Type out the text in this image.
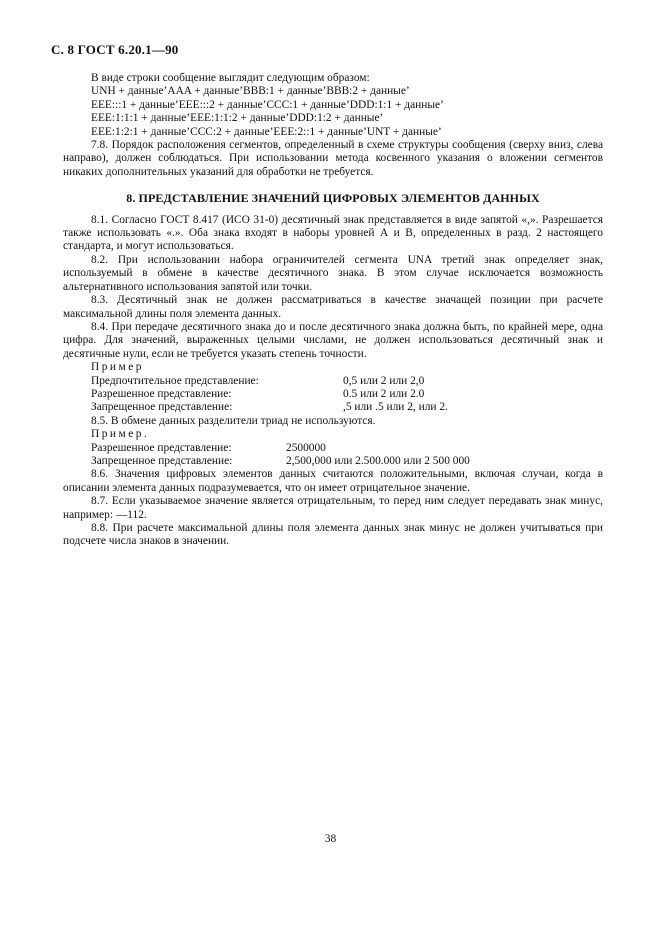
С. 8 ГОСТ 6.20.1—90

В виде строки сообщение выглядит следующим образом:

UNH + данные’AAA + данные’BBB:1 + данные’BBB:2 + данные’

EEE:::1 + данные’EEE:::2 + данные’CCC:1 + данные’DDD:1:1 + данные’

EEE:1:1:1 + данные’EEE:1:1:2 + данные’DDD:1:2 + данные’

EEE:1:2:1 + данные’CCC:2 + данные’EEE:2::1 + данные’UNT + данные’

7.8. Порядок расположения сегментов, определенный в схеме структуры сообщения (сверху вниз, слева направо), должен соблюдаться. При использовании метода косвенного указания о вложении сегментов никаких дополнительных указаний для обработки не требуется.

8. ПРЕДСТАВЛЕНИЕ ЗНАЧЕНИЙ ЦИФРОВЫХ ЭЛЕМЕНТОВ ДАННЫХ

8.1. Согласно ГОСТ 8.417 (ИСО 31-0) десятичный знак представляется в виде запятой «,». Разрешается также использовать «.». Оба знака входят в наборы уровней А и В, определенных в разд. 2 настоящего стандарта, и могут использоваться.

8.2. При использовании набора ограничителей сегмента UNA третий знак определяет знак, используемый в обмене в качестве десятичного знака. В этом случае исключается возможность альтернативного использования запятой или точки.

8.3. Десятичный знак не должен рассматриваться в качестве значащей позиции при расчете максимальной длины поля элемента данных.

8.4. При передаче десятичного знака до и после десятичного знака должна быть, по крайней мере, одна цифра. Для значений, выраженных целыми числами, не должен использоваться десятичный знак и десятичные нули, если не требуется указать степень точности.

Пример

Предпочтительное представление:	0,5 или 2 или 2,0
Разрешенное представление:	0.5 или 2 или 2.0
Запрещенное представление:	,5 или .5 или 2, или 2.

8.5. В обмене данных разделители триад не используются.

Пример.

Разрешенное представление:	2500000
Запрещенное представление:	2,500,000 или 2.500.000 или 2 500 000

8.6. Значения цифровых элементов данных считаются положительными, включая случаи, когда в описании элемента данных подразумевается, что он имеет отрицательное значение.

8.7. Если указываемое значение является отрицательным, то перед ним следует передавать знак минус, например: —112.

8.8. При расчете максимальной длины поля элемента данных знак минус не должен учитываться при подсчете числа знаков в значении.

38
